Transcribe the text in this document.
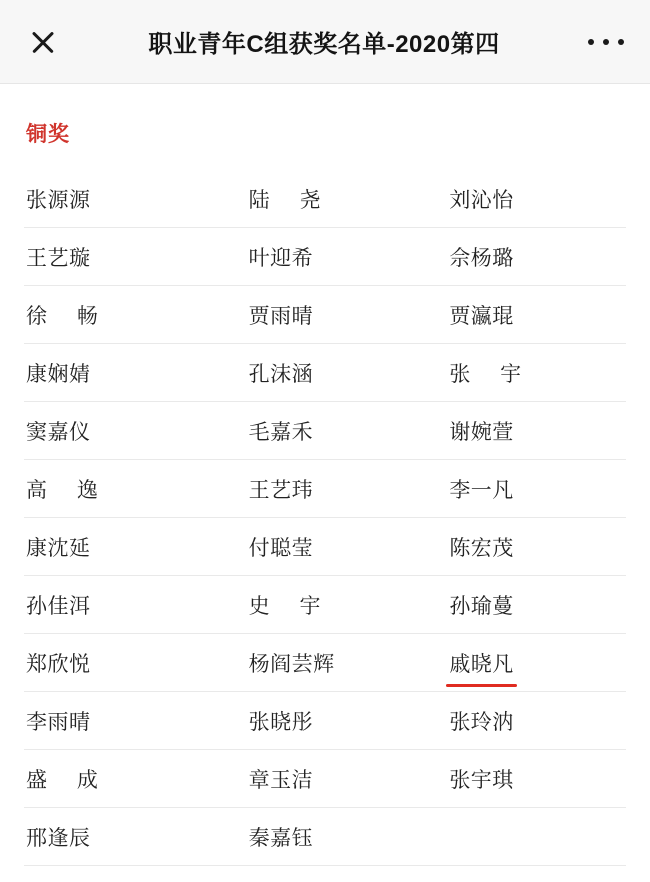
职业青年C组获奖名单-2020第四
铜奖
张源源	陆 尧	刘沁怡
王艺璇	叶迎希	佘杨璐
徐 畅	贾雨晴	贾瀛琨
康娴婧	孔沫涵	张 宇
窦嘉仪	毛嘉禾	谢婉萱
高 逸	王艺玮	李一凡
康沈延	付聪莹	陈宏茂
孙佳洱	史 宇	孙瑜蔓
郑欣悦	杨阎芸辉	戚晓凡
李雨晴	张晓彤	张玲汭
盛 成	章玉洁	张宇琪
邢逢辰	秦嘉钰	
